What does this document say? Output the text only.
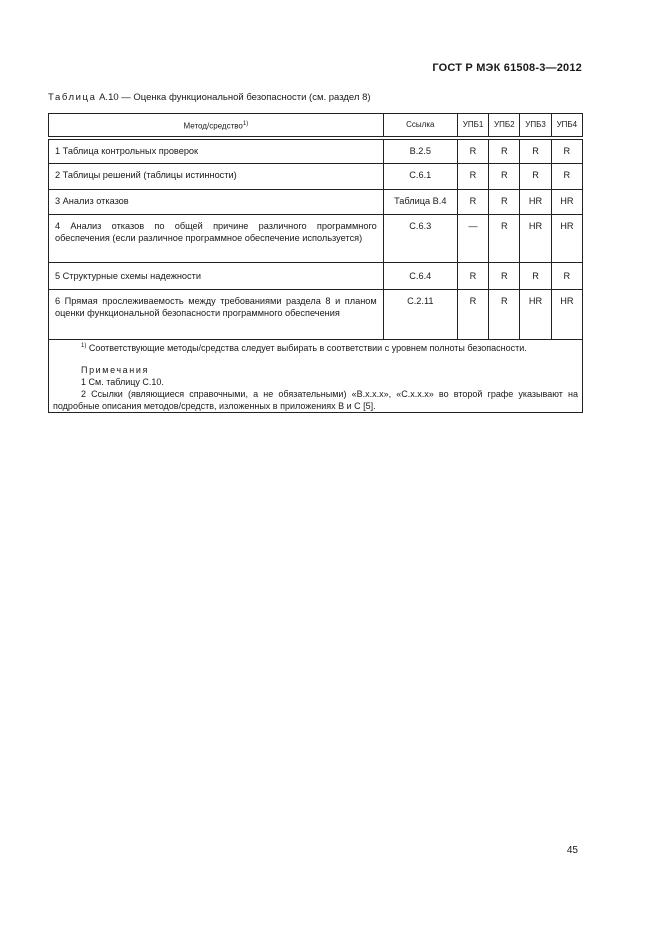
ГОСТ Р МЭК 61508-3—2012
Таблица А.10 — Оценка функциональной безопасности (см. раздел 8)
Метод/средство$^{1)}$	Ссылка	УПБ1	УПБ2	УПБ3	УПБ4

1 Таблица контрольных проверок	B.2.5	R	R	R	R
2 Таблицы решений (таблицы истинности)	C.6.1	R	R	R	R
3 Анализ отказов	Таблица В.4	R	R	HR	HR
4 Анализ отказов по общей причине различного программного обеспечения (если различное программное обеспечение используется)	C.6.3	—	R	HR	HR
5 Структурные схемы надежности	C.6.4	R	R	R	R
6 Прямая прослеживаемость между требованиями раздела 8 и планом оценки функциональной безопасности программного обеспечения	C.2.11	R	R	HR	HR

$^{1)}$ Соответствующие методы/средства следует выбирать в соответствии с уровнем полноты безопасности.

Примечания

1 См. таблицу С.10.

2 Ссылки (являющиеся справочными, а не обязательными) «B.x.x.x», «C.x.x.x» во второй графе указывают на подробные описания методов/средств, изложенных в приложениях В и С [5].					

45
